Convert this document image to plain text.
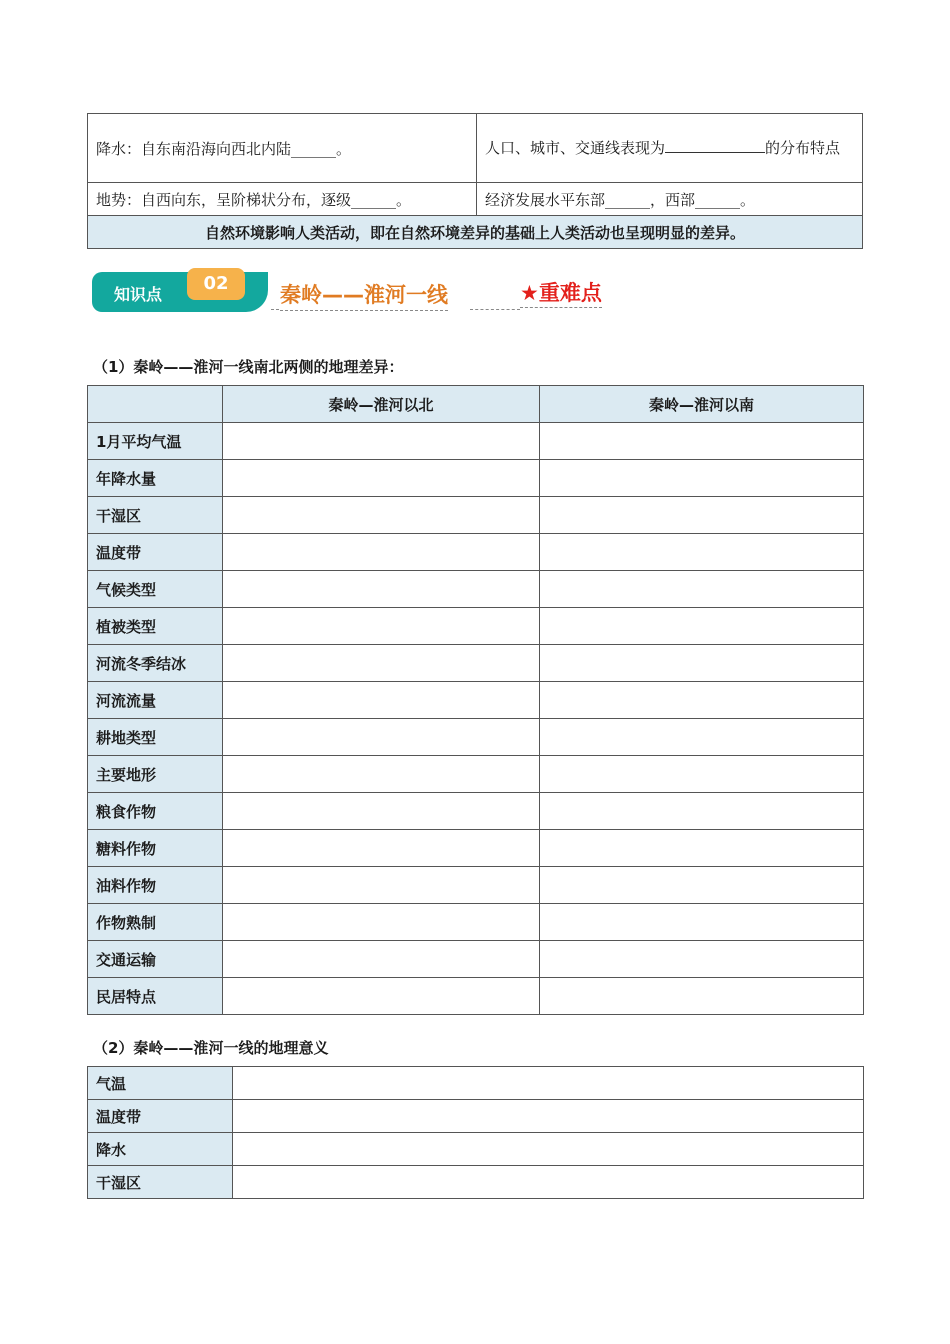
降水：自东南沿海向西北内陆______。	人口、城市、交通线表现为 的分布特点
地势：自西向东，呈阶梯状分布，逐级______。	经济发展水平东部______，西部______。
自然环境影响人类活动，即在自然环境差异的基础上人类活动也呈现明显的差异。	
知识点
02	秦岭——淮河一线	★重难点
（1）秦岭——淮河一线南北两侧的地理差异：
	秦岭—淮河以北	秦岭—淮河以南
1月平均气温		
年降水量		
干湿区		
温度带		
气候类型		
植被类型		
河流冬季结冰		
河流流量		
耕地类型		
主要地形		
粮食作物		
糖料作物		
油料作物		
作物熟制		
交通运输		
民居特点		
（2）秦岭——淮河一线的地理意义
气温	
温度带	
降水	
干湿区	
